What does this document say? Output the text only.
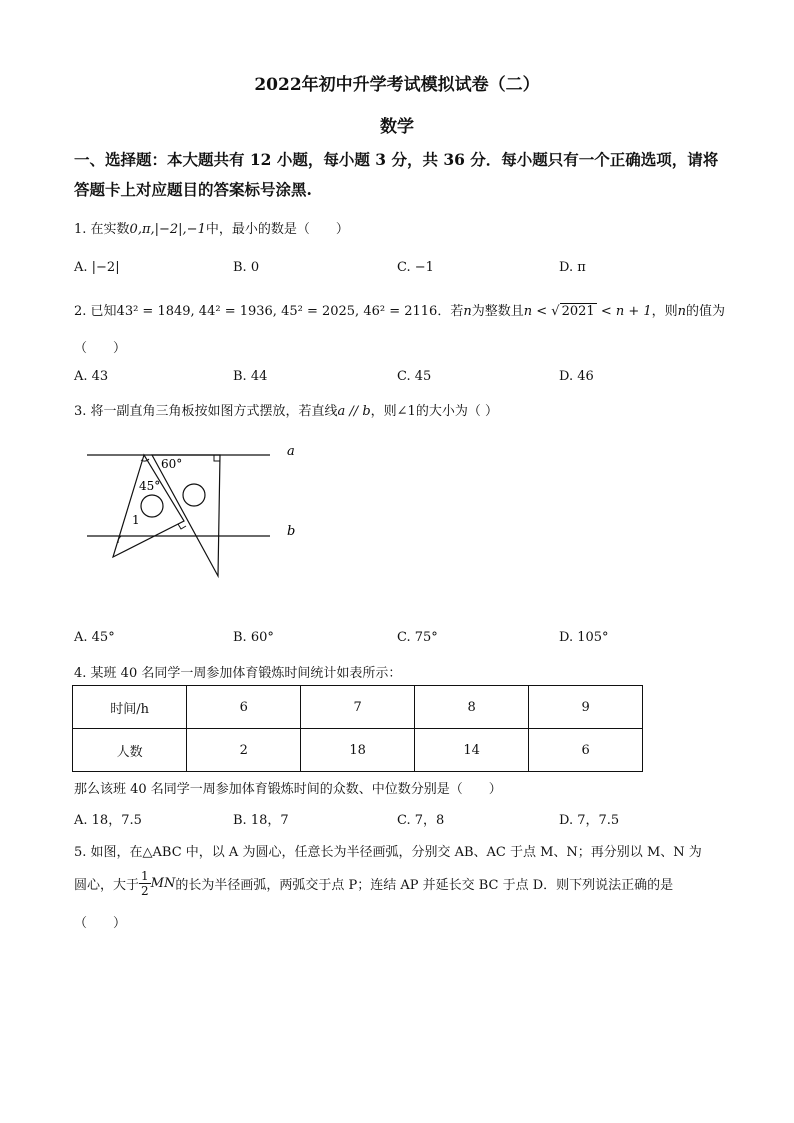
2022年初中升学考试模拟试卷（二）
数学
一、选择题：本大题共有 12 小题，每小题 3 分，共 36 分．每小题只有一个正确选项，请将
答题卡上对应题目的答案标号涂黑.
1. 在实数0,π,|−2|,−1中，最小的数是（　　）
A. |−2|	B. 0	C. −1	D. π
2. 已知43² = 1849, 44² = 1936, 45² = 2025, 46² = 2116．若n为整数且n < √ 2021 < n + 1，则n的值为
（　　）
A. 43	B. 44	C. 45	D. 46
3. 将一副直角三角板按如图方式摆放，若直线a // b，则∠1的大小为（ ）
60°
45°
1
a
b
A. 45°	B. 60°	C. 75°	D. 105°
4. 某班 40 名同学一周参加体育锻炼时间统计如表所示：
时间/h	6	7	8	9
人数	2	18	14	6
那么该班 40 名同学一周参加体育锻炼时间的众数、中位数分别是（　　）
A. 18，7.5	B. 18，7	C. 7，8	D. 7，7.5
5. 如图，在△ABC 中，以 A 为圆心，任意长为半径画弧，分别交 AB、AC 于点 M、N；再分别以 M、N 为
圆心，大于 $\frac{1}{2}$ MN 的长为半径画弧，两弧交于点 P；连结 AP 并延长交 BC 于点 D．则下列说法正确的是
（　　）
